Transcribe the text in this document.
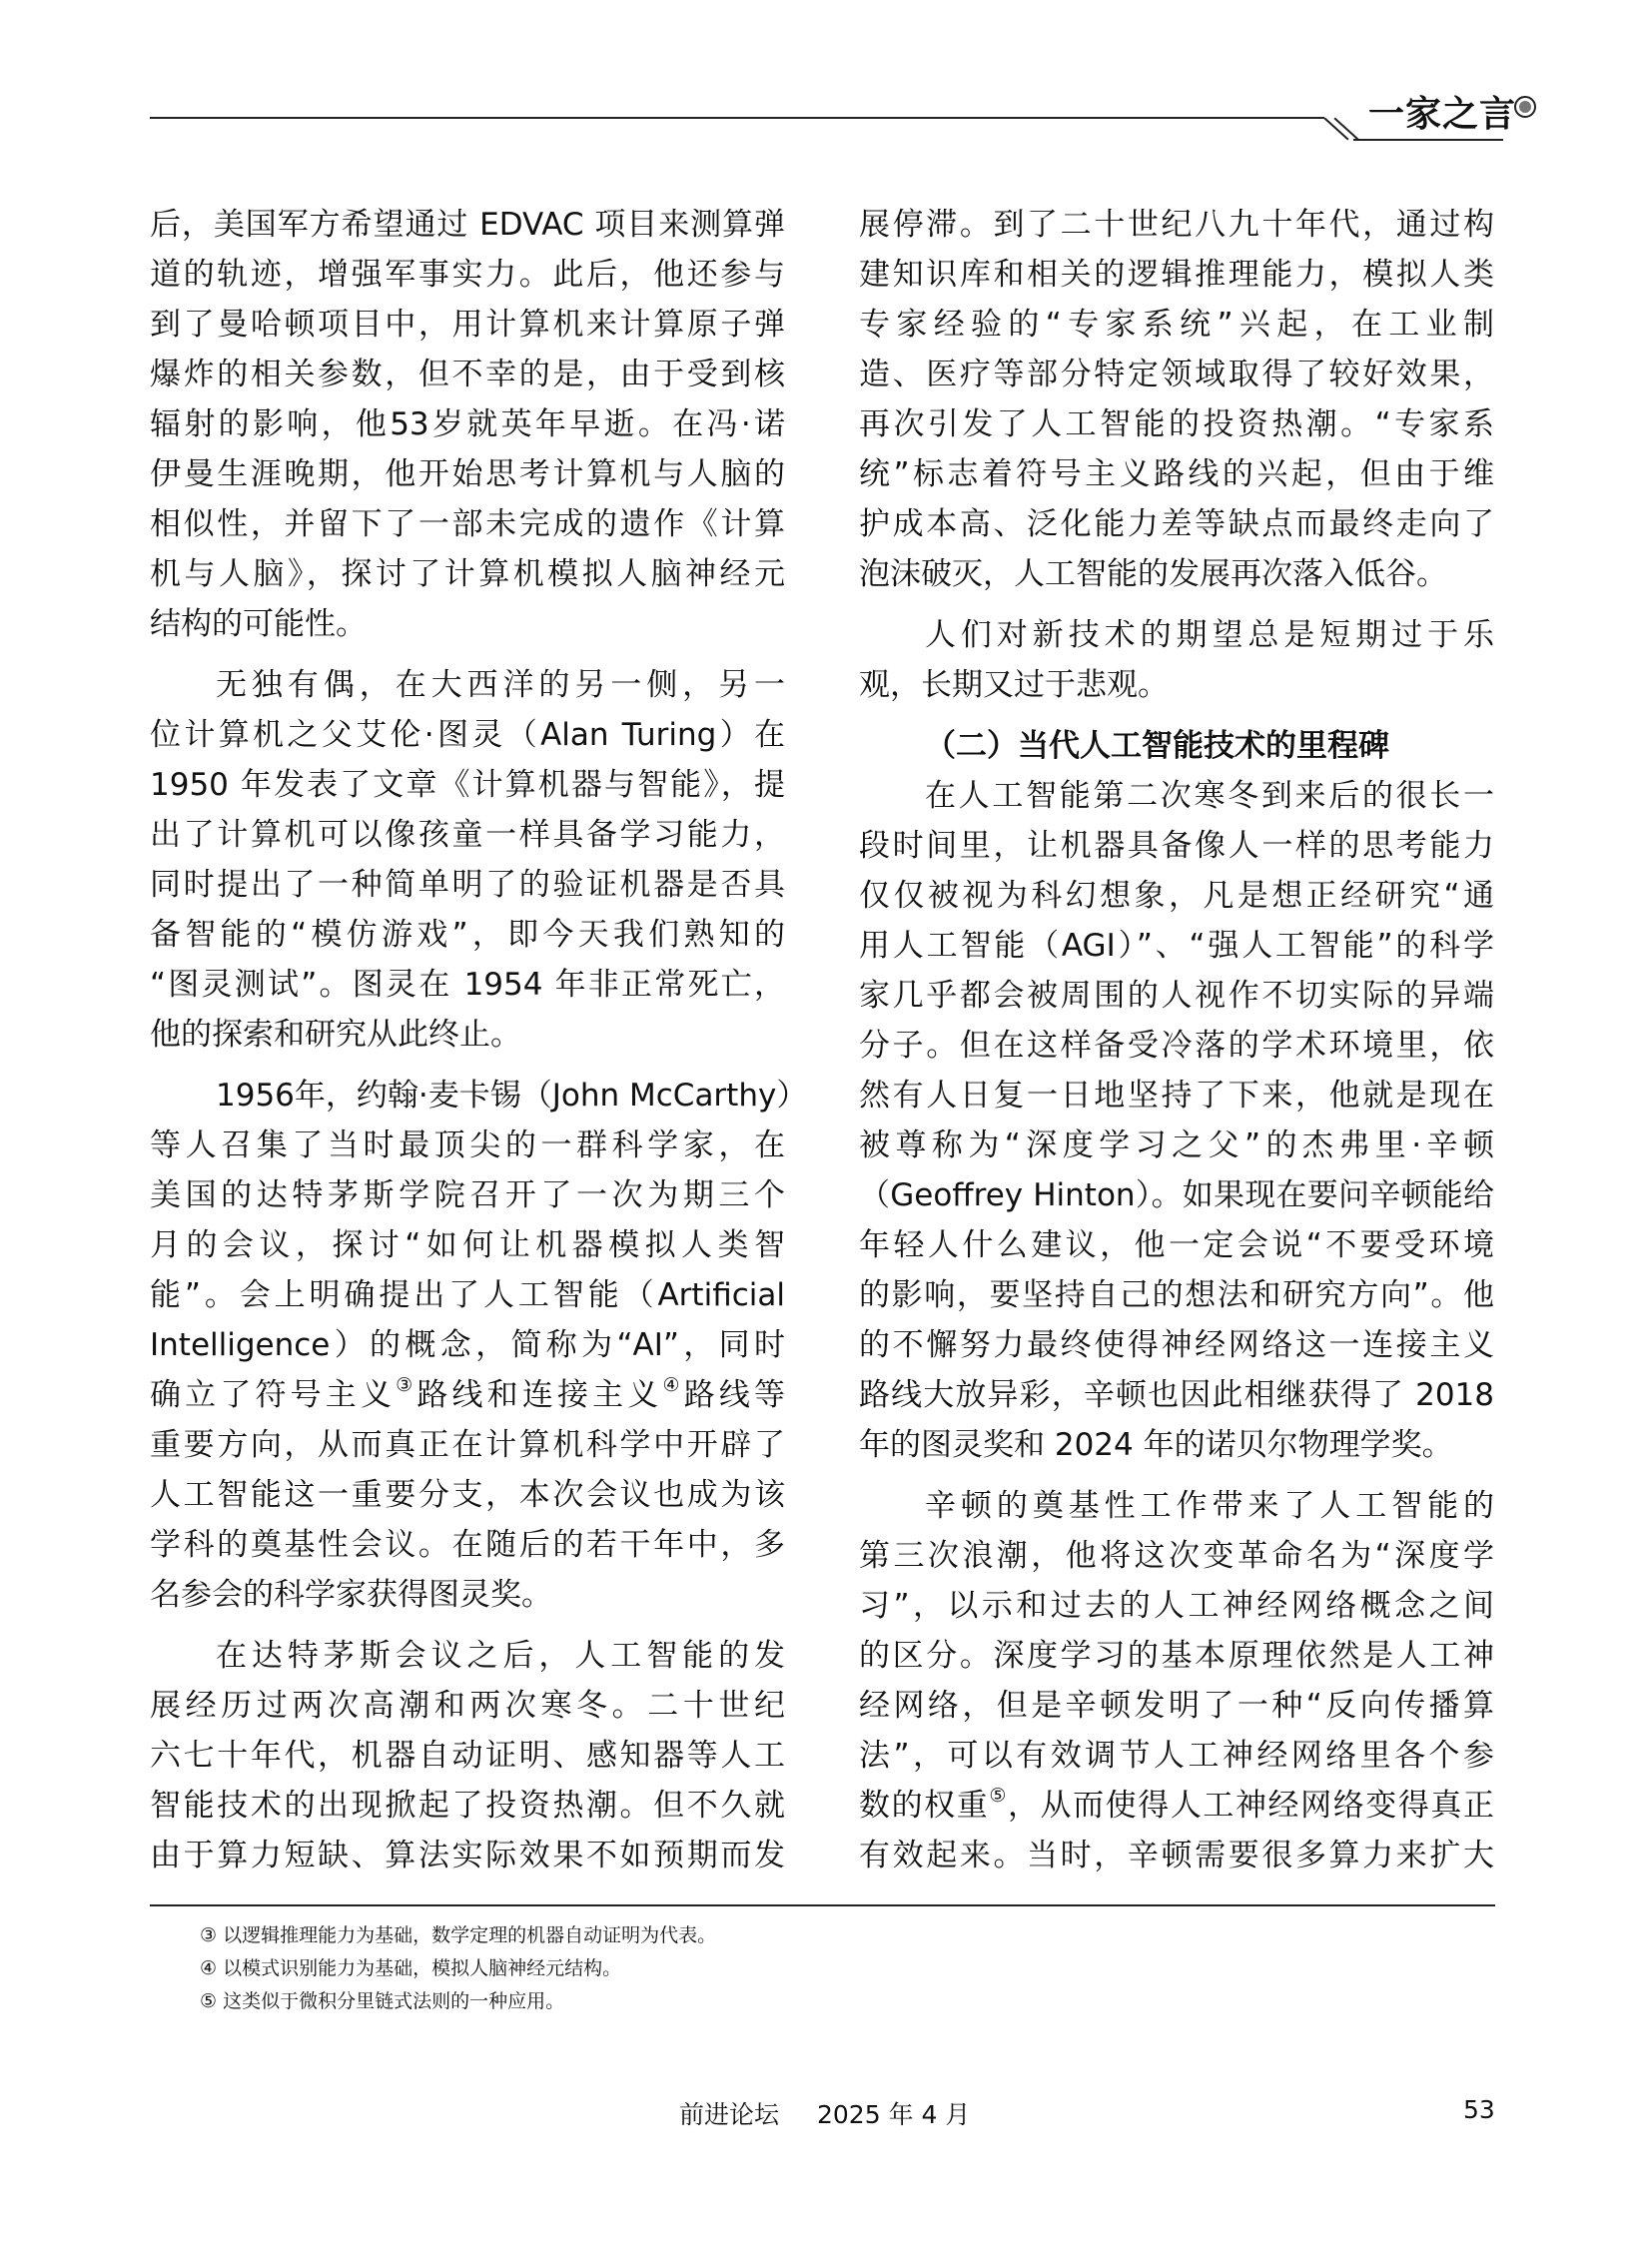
一家之言
后，美国军方希望通过 EDVAC 项目来测算弹
道的轨迹，增强军事实力。此后，他还参与
到了曼哈顿项目中，用计算机来计算原子弹
爆炸的相关参数，但不幸的是，由于受到核
辐射的影响，他53岁就英年早逝。在冯·诺
伊曼生涯晚期，他开始思考计算机与人脑的
相似性，并留下了一部未完成的遗作《计算
机与人脑》，探讨了计算机模拟人脑神经元
结构的可能性。
无独有偶，在大西洋的另一侧，另一
位计算机之父艾伦·图灵（Alan Turing）在
1950 年发表了文章《计算机器与智能》，提
出了计算机可以像孩童一样具备学习能力，
同时提出了一种简单明了的验证机器是否具
备智能的“模仿游戏”，即今天我们熟知的
“图灵测试”。图灵在 1954 年非正常死亡，
他的探索和研究从此终止。
1956年，约翰·麦卡锡（John McCarthy）
等人召集了当时最顶尖的一群科学家，在
美国的达特茅斯学院召开了一次为期三个
月的会议，探讨“如何让机器模拟人类智
能”。会上明确提出了人工智能（Artificial
Intelligence）的概念，简称为“AI”，同时
确立了符号主义③路线和连接主义④路线等
重要方向，从而真正在计算机科学中开辟了
人工智能这一重要分支，本次会议也成为该
学科的奠基性会议。在随后的若干年中，多
名参会的科学家获得图灵奖。
在达特茅斯会议之后，人工智能的发
展经历过两次高潮和两次寒冬。二十世纪
六七十年代，机器自动证明、感知器等人工
智能技术的出现掀起了投资热潮。但不久就
由于算力短缺、算法实际效果不如预期而发
展停滞。到了二十世纪八九十年代，通过构
建知识库和相关的逻辑推理能力，模拟人类
专家经验的“专家系统”兴起，在工业制
造、医疗等部分特定领域取得了较好效果，
再次引发了人工智能的投资热潮。“专家系
统”标志着符号主义路线的兴起，但由于维
护成本高、泛化能力差等缺点而最终走向了
泡沫破灭，人工智能的发展再次落入低谷。
人们对新技术的期望总是短期过于乐
观，长期又过于悲观。
（二）当代人工智能技术的里程碑
在人工智能第二次寒冬到来后的很长一
段时间里，让机器具备像人一样的思考能力
仅仅被视为科幻想象，凡是想正经研究“通
用人工智能（AGI）”、“强人工智能”的科学
家几乎都会被周围的人视作不切实际的异端
分子。但在这样备受冷落的学术环境里，依
然有人日复一日地坚持了下来，他就是现在
被尊称为“深度学习之父”的杰弗里·辛顿
（Geoffrey Hinton）。如果现在要问辛顿能给
年轻人什么建议，他一定会说“不要受环境
的影响，要坚持自己的想法和研究方向”。他
的不懈努力最终使得神经网络这一连接主义
路线大放异彩，辛顿也因此相继获得了 2018
年的图灵奖和 2024 年的诺贝尔物理学奖。
辛顿的奠基性工作带来了人工智能的
第三次浪潮，他将这次变革命名为“深度学
习”，以示和过去的人工神经网络概念之间
的区分。深度学习的基本原理依然是人工神
经网络，但是辛顿发明了一种“反向传播算
法”，可以有效调节人工神经网络里各个参
数的权重⑤，从而使得人工神经网络变得真正
有效起来。当时，辛顿需要很多算力来扩大
③ 以逻辑推理能力为基础，数学定理的机器自动证明为代表。
④ 以模式识别能力为基础，模拟人脑神经元结构。
⑤ 这类似于微积分里链式法则的一种应用。
前进论坛 2025 年 4 月	53
